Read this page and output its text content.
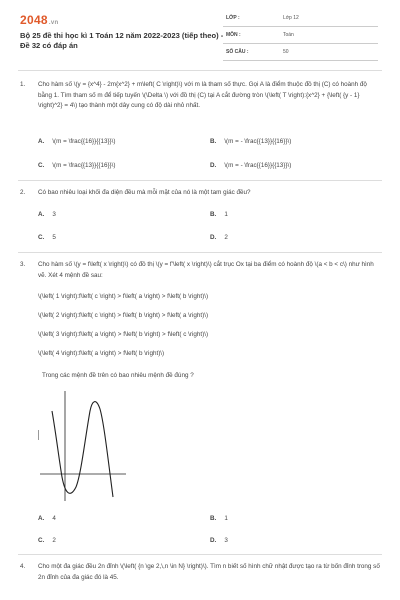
2048.vn
Bộ 25 đề thi học kì 1 Toán 12 năm 2022-2023 (tiếp theo) - Đề 32 có đáp án
LỚP :	Lớp 12
MÔN :	Toán
SỐ CÂU :	50
1. Cho hàm số \(y = {x^4} - 2m{x^2} + m\left( C \right)\) với m là tham số thực. Gọi A là điểm thuộc đồ thị (C) có hoành độ bằng 1. Tìm tham số m để tiếp tuyến \(\Delta \) với đồ thị (C) tại A cắt đường tròn \(\left( T \right):{x^2} + {\left( {y - 1} \right)^2} = 4\) tạo thành một dây cung có độ dài nhỏ nhất.
A. \(m = \frac{{16}}{{13}}\)	B. \(m = - \frac{{13}}{{16}}\)
C. \(m = \frac{{13}}{{16}}\)	D. \(m = - \frac{{16}}{{13}}\)
2. Có bao nhiêu loại khối đa diện đều mà mỗi mặt của nó là một tam giác đều?
A. 3	B. 1
C. 5	D. 2
3. Cho hàm số \(y = f\left( x \right)\) có đồ thị \(y = f'\left( x \right)\) cắt trục Ox tại ba điểm có hoành độ \(a < b < c\) như hình vẽ. Xét 4 mệnh đề sau:
\(\left( 1 \right):f\left( c \right) > f\left( a \right) > f\left( b \right)\)
\(\left( 2 \right):f\left( c \right) > f\left( b \right) > f\left( a \right)\)
\(\left( 3 \right):f\left( a \right) > f\left( b \right) > f\left( c \right)\)
\(\left( 4 \right):f\left( a \right) > f\left( b \right)\)
Trong các mệnh đề trên có bao nhiêu mệnh đề đúng ?
A. 4	B. 1
C. 2	D. 3
4. Cho một đa giác đều 2n đỉnh \(\left( {n \ge 2,\,n \in N} \right)\). Tìm n biết số hình chữ nhật được tạo ra từ bốn đỉnh trong số 2n đỉnh của đa giác đó là 45.
